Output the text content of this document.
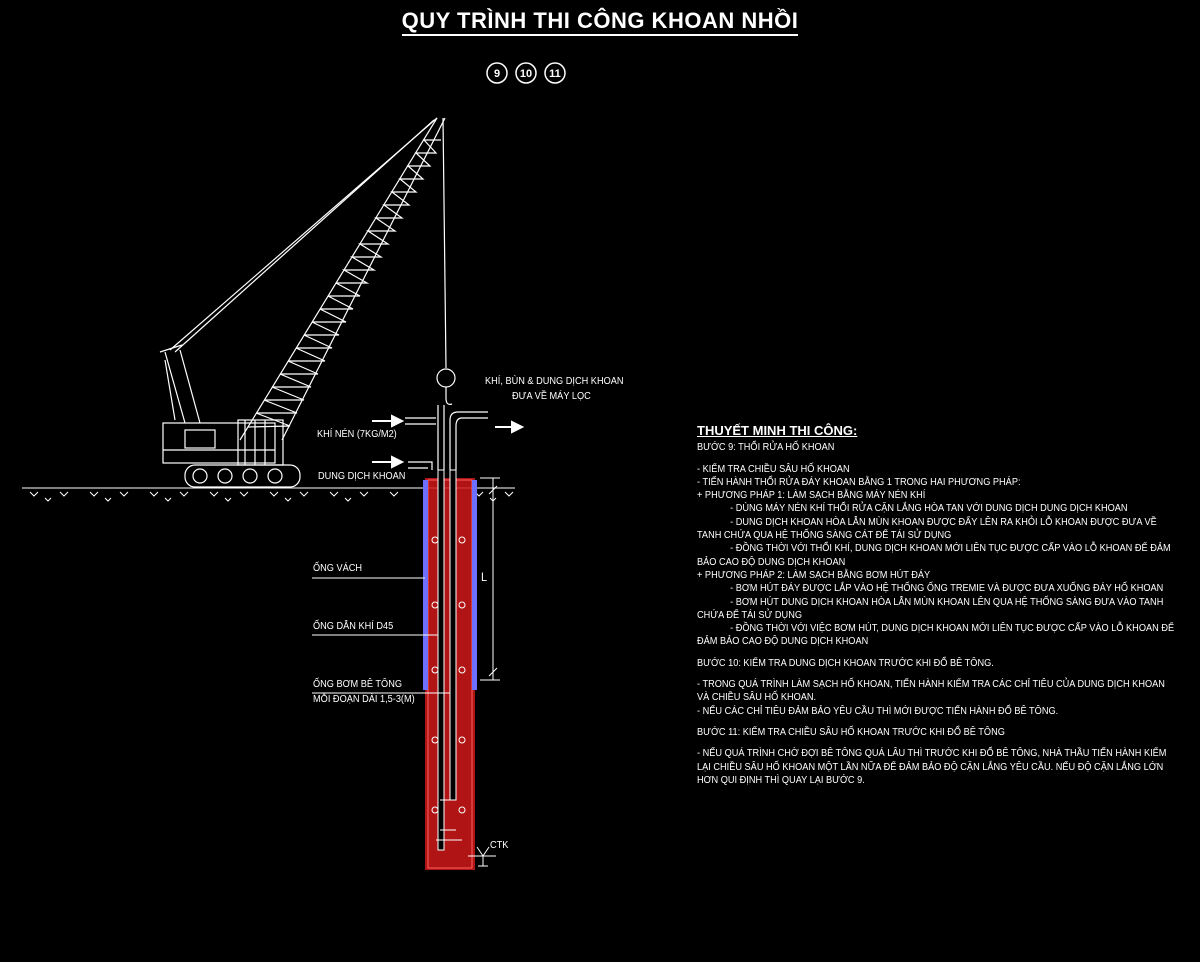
QUY TRÌNH THI CÔNG KHOAN NHỒI
9 10 11
KHÍ, BÙN & DUNG DỊCH KHOAN
ĐƯA VỀ MÁY LỌC
KHÍ NÉN (7KG/M2)
DUNG DỊCH KHOAN
ỐNG VÁCH
ỐNG DẪN KHÍ D45
ỐNG BƠM BÊ TÔNG
MỖI ĐOẠN DÀI 1,5-3(M)
L
CTK
THUYẾT MINH THI CÔNG:
BƯỚC 9: THỔI RỬA HỐ KHOAN
- KIỂM TRA CHIỀU SÂU HỐ KHOAN
- TIẾN HÀNH THỔI RỬA ĐÁY KHOAN BẰNG 1 TRONG HAI PHƯƠNG PHÁP:
+ PHƯƠNG PHÁP 1: LÀM SẠCH BẰNG MÁY NÉN KHÍ
- DÙNG MÁY NÉN KHÍ THỔI RỬA CẶN LẮNG HÒA TAN VỚI DUNG DỊCH DUNG DỊCH KHOAN
- DUNG DỊCH KHOAN HÒA LẪN MÙN KHOAN ĐƯỢC ĐẨY LÊN RA KHỎI LỖ KHOAN ĐƯỢC ĐƯA VỀ
TANH CHỨA QUA HỆ THỐNG SÀNG CÁT ĐỂ TÁI SỬ DỤNG
- ĐỒNG THỜI VỚI THỔI KHÍ, DUNG DỊCH KHOAN MỚI LIÊN TỤC ĐƯỢC CẤP VÀO LỖ KHOAN ĐỂ ĐẢM
BẢO CAO ĐỘ DUNG DỊCH KHOAN
+ PHƯƠNG PHÁP 2: LÀM SẠCH BẰNG BƠM HÚT ĐÁY
- BƠM HÚT ĐÁY ĐƯỢC LẮP VÀO HỆ THỐNG ỐNG TREMIE VÀ ĐƯỢC ĐƯA XUỐNG ĐÁY HỐ KHOAN
- BƠM HÚT DUNG DỊCH KHOAN HÒA LẪN MÙN KHOAN LÊN QUA HỆ THỐNG SÀNG ĐƯA VÀO TANH
CHỨA ĐỂ TÁI SỬ DỤNG
- ĐỒNG THỜI VỚI VIỆC BƠM HÚT, DUNG DỊCH KHOAN MỚI LIÊN TỤC ĐƯỢC CẤP VÀO LỖ KHOAN ĐỂ
ĐẢM BẢO CAO ĐỘ DUNG DỊCH KHOAN
BƯỚC 10: KIỂM TRA DUNG DỊCH KHOAN TRƯỚC KHI ĐỔ BÊ TÔNG.
- TRONG QUÁ TRÌNH LÀM SẠCH HỐ KHOAN, TIẾN HÀNH KIỂM TRA CÁC CHỈ TIÊU CỦA DUNG DỊCH KHOAN
VÀ CHIỀU SÂU HỐ KHOAN.
- NẾU CÁC CHỈ TIÊU ĐẢM BẢO YÊU CẦU THÌ MỚI ĐƯỢC TIẾN HÀNH ĐỔ BÊ TÔNG.
BƯỚC 11: KIỂM TRA CHIỀU SÂU HỐ KHOAN TRƯỚC KHI ĐỔ BÊ TÔNG
- NẾU QUÁ TRÌNH CHỜ ĐỢI BÊ TÔNG QUÁ LÂU THÌ TRƯỚC KHI ĐỔ BÊ TÔNG, NHÀ THẦU TIẾN HÀNH KIỂM
LẠI CHIỀU SÂU HỐ KHOAN MỘT LẦN NỮA ĐỂ ĐẢM BẢO ĐỘ CẶN LẮNG YÊU CẦU. NẾU ĐỘ CẶN LẮNG LỚN
HƠN QUI ĐỊNH THÌ QUAY LẠI BƯỚC 9.
